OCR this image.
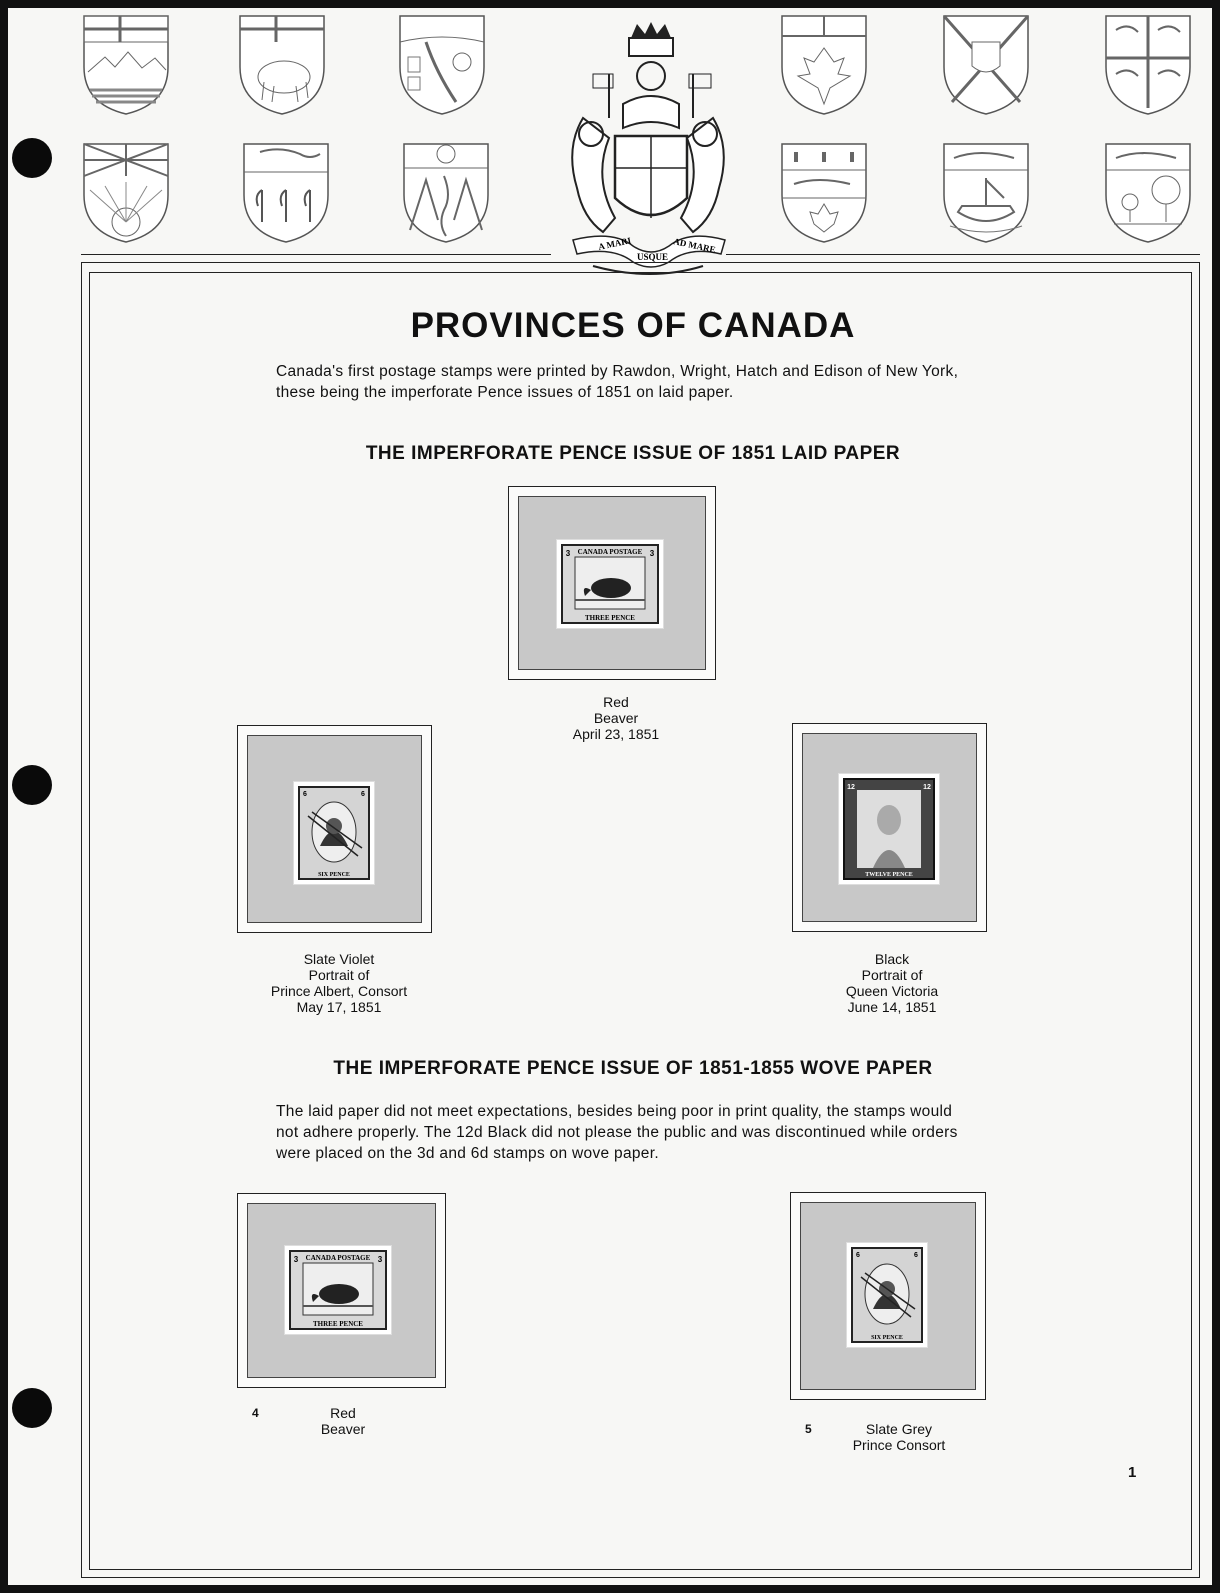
A MARI
USQUE
AD MARE
PROVINCES OF CANADA
Canada's first postage stamps were printed by Rawdon, Wright, Hatch and Edison of New York, these being the imperforate Pence issues of 1851 on laid paper.
THE IMPERFORATE PENCE ISSUE OF 1851 LAID PAPER
CANADA POSTAGE
THREE PENCE
3	3
Red
Beaver
April 23, 1851
6	6
SIX PENCE
Slate Violet
Portrait of
Prince Albert, Consort
May 17, 1851
12	12
TWELVE PENCE
Black
Portrait of
Queen Victoria
June 14, 1851
THE IMPERFORATE PENCE ISSUE OF 1851-1855 WOVE PAPER
The laid paper did not meet expectations, besides being poor in print quality, the stamps would not adhere properly. The 12d Black did not please the public and was discontinued while orders were placed on the 3d and 6d stamps on wove paper.
CANADA POSTAGE
THREE PENCE
3	3
4	Red
Beaver
6	6
SIX PENCE
5	Slate Grey
Prince Consort
1
